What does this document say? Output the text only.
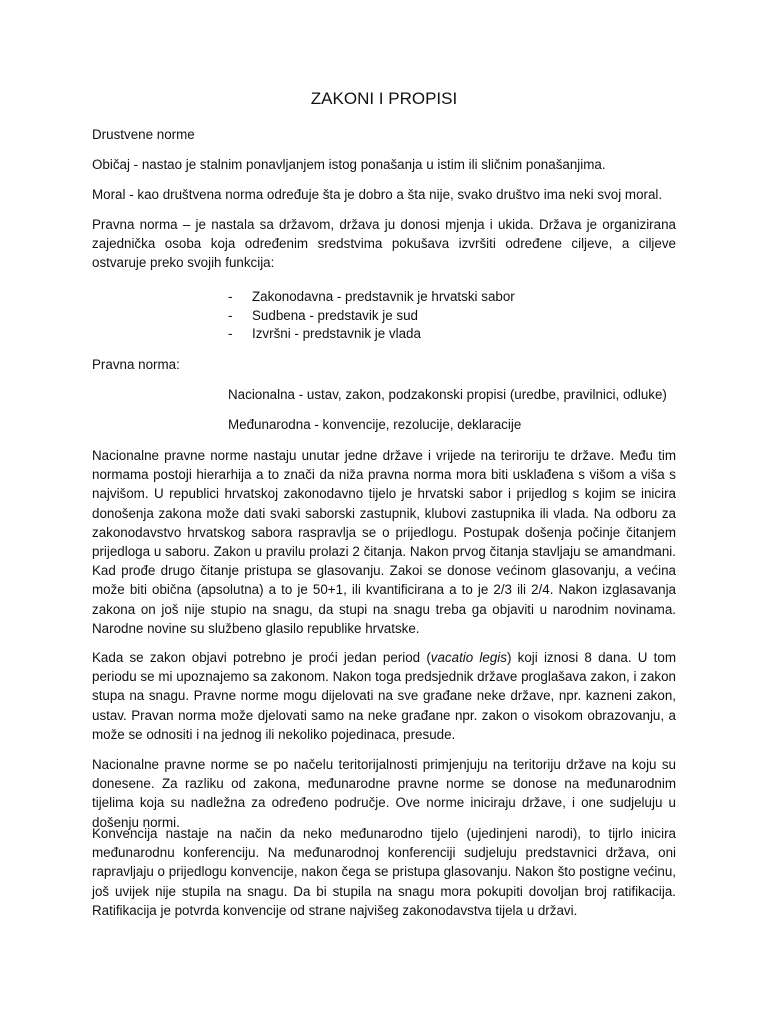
ZAKONI I PROPISI

Drustvene norme

Običaj - nastao je stalnim ponavljanjem istog ponašanja u istim ili sličnim ponašanjima.

Moral - kao društvena norma određuje šta je dobro a šta nije, svako društvo ima neki svoj moral.

Pravna norma – je nastala sa državom, država ju donosi mjenja i ukida. Država je organizirana zajednička osoba koja određenim sredstvima pokušava izvršiti određene ciljeve, a ciljeve ostvaruje preko svojih funkcija:

- Zakonodavna - predstavnik je hrvatski sabor
- Sudbena - predstavik je sud
- Izvršni - predstavnik je vlada

Pravna norma:

Nacionalna - ustav, zakon, podzakonski propisi (uredbe, pravilnici, odluke)

Međunarodna - konvencije, rezolucije, deklaracije

Nacionalne pravne norme nastaju unutar jedne države i vrijede na teriroriju te države. Među tim normama postoji hierarhija a to znači da niža pravna norma mora biti usklađena s višom a viša s najvišom. U republici hrvatskoj zakonodavno tijelo je hrvatski sabor i prijedlog s kojim se inicira donošenja zakona može dati svaki saborski zastupnik, klubovi zastupnika ili vlada. Na odboru za zakonodavstvo hrvatskog sabora raspravlja se o prijedlogu. Postupak došenja počinje čitanjem prijedloga u saboru. Zakon u pravilu prolazi 2 čitanja. Nakon prvog čitanja stavljaju se amandmani. Kad prođe drugo čitanje pristupa se glasovanju. Zakoi se donose većinom glasovanju, a većina može biti obična (apsolutna) a to je 50+1, ili kvantificirana a to je 2/3 ili 2/4. Nakon izglasavanja zakona on još nije stupio na snagu, da stupi na snagu treba ga objaviti u narodnim novinama. Narodne novine su službeno glasilo republike hrvatske.

Kada se zakon objavi potrebno je proći jedan period (vacatio legis) koji iznosi 8 dana. U tom periodu se mi upoznajemo sa zakonom. Nakon toga predsjednik države proglašava zakon, i zakon stupa na snagu. Pravne norme mogu dijelovati na sve građane neke države, npr. kazneni zakon, ustav. Pravan norma može djelovati samo na neke građane npr. zakon o visokom obrazovanju, a može se odnositi i na jednog ili nekoliko pojedinaca, presude.

Nacionalne pravne norme se po načelu teritorijalnosti primjenjuju na teritoriju države na koju su donesene. Za razliku od zakona, međunarodne pravne norme se donose na međunarodnim tijelima koja su nadležna za određeno područje. Ove norme iniciraju države, i one sudjeluju u došenju normi.

Konvencija nastaje na način da neko međunarodno tijelo (ujedinjeni narodi), to tijrlo inicira međunarodnu konferenciju. Na međunarodnoj konferenciji sudjeluju predstavnici država, oni rapravljaju o prijedlogu konvencije, nakon čega se pristupa glasovanju. Nakon što postigne većinu, još uvijek nije stupila na snagu. Da bi stupila na snagu mora pokupiti dovoljan broj ratifikacija. Ratifikacija je potvrda konvencije od strane najvišeg zakonodavstva tijela u državi.
